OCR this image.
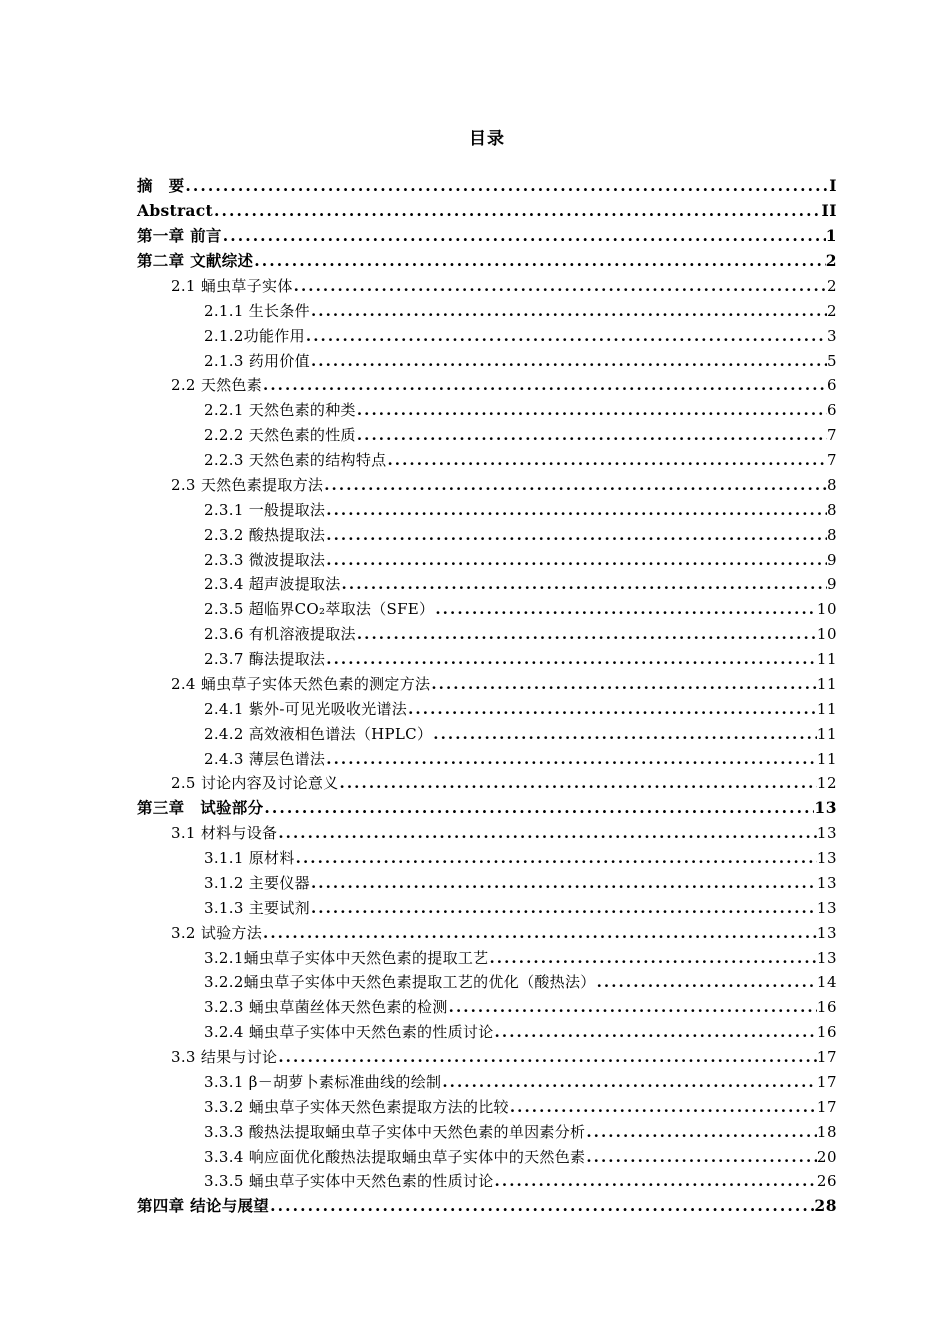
目录
摘　要 .....	I
Abstract .....	II
第一章 前言 .....	1
第二章 文献综述 .....	2
2.1 蛹虫草子实体 .....	2
2.1.1 生长条件 .....	2
2.1.2功能作用 .....	3
2.1.3 药用价值 .....	5
2.2 天然色素 .....	6
2.2.1 天然色素的种类 .....	6
2.2.2 天然色素的性质 .....	7
2.2.3 天然色素的结构特点 .....	7
2.3 天然色素提取方法 .....	8
2.3.1 一般提取法 .....	8
2.3.2 酸热提取法 .....	8
2.3.3 微波提取法 .....	9
2.3.4 超声波提取法 .....	9
2.3.5 超临界CO₂萃取法（SFE） .....	10
2.3.6 有机溶液提取法 .....	10
2.3.7 酶法提取法 .....	11
2.4 蛹虫草子实体天然色素的测定方法 .....	11
2.4.1 紫外-可见光吸收光谱法 .....	11
2.4.2 高效液相色谱法（HPLC） .....	11
2.4.3 薄层色谱法 .....	11
2.5 讨论内容及讨论意义 .....	12
第三章　试验部分 .....	13
3.1 材料与设备 .....	13
3.1.1 原材料 .....	13
3.1.2 主要仪器 .....	13
3.1.3 主要试剂 .....	13
3.2 试验方法 .....	13
3.2.1蛹虫草子实体中天然色素的提取工艺 .....	13
3.2.2蛹虫草子实体中天然色素提取工艺的优化（酸热法） .....	14
3.2.3 蛹虫草菌丝体天然色素的检测 .....	16
3.2.4 蛹虫草子实体中天然色素的性质讨论 .....	16
3.3 结果与讨论 .....	17
3.3.1 β－胡萝卜素标准曲线的绘制 .....	17
3.3.2 蛹虫草子实体天然色素提取方法的比较 .....	17
3.3.3 酸热法提取蛹虫草子实体中天然色素的单因素分析 .....	18
3.3.4 响应面优化酸热法提取蛹虫草子实体中的天然色素 .....	20
3.3.5 蛹虫草子实体中天然色素的性质讨论 .....	26
第四章 结论与展望 .....	28
